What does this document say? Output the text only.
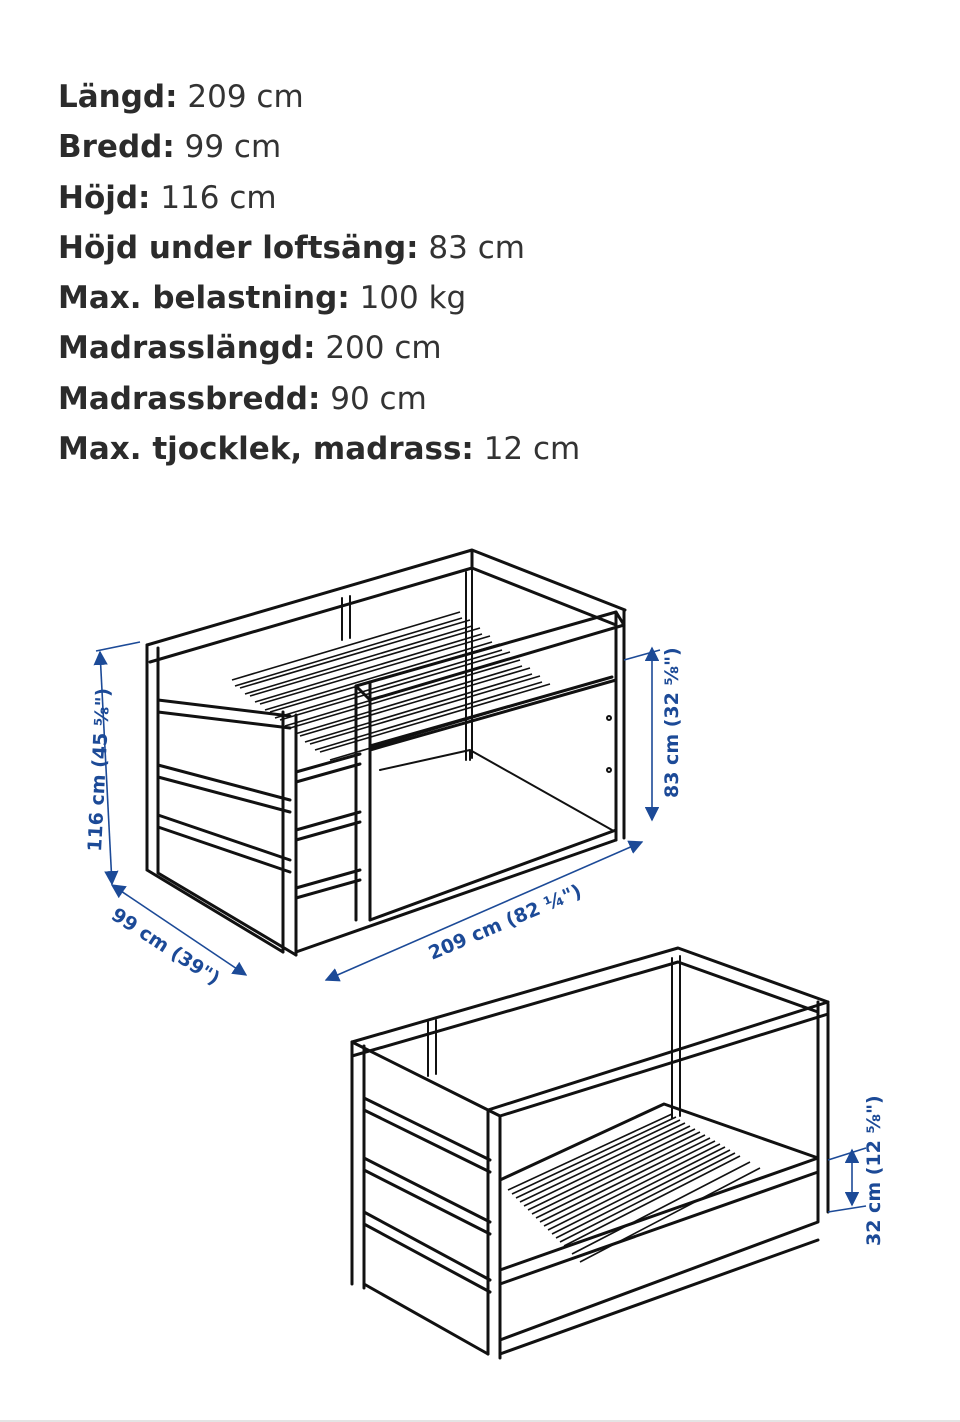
Längd: 209 cm
Bredd: 99 cm
Höjd: 116 cm
Höjd under loftsäng: 83 cm
Max. belastning: 100 kg
Madrasslängd: 200 cm
Madrassbredd: 90 cm
Max. tjocklek, madrass: 12 cm
116 cm (45 ⅝")
99 cm (39")	209 cm (82 ¼")
83 cm (32 ⅝")
32 cm (12 ⅝")
